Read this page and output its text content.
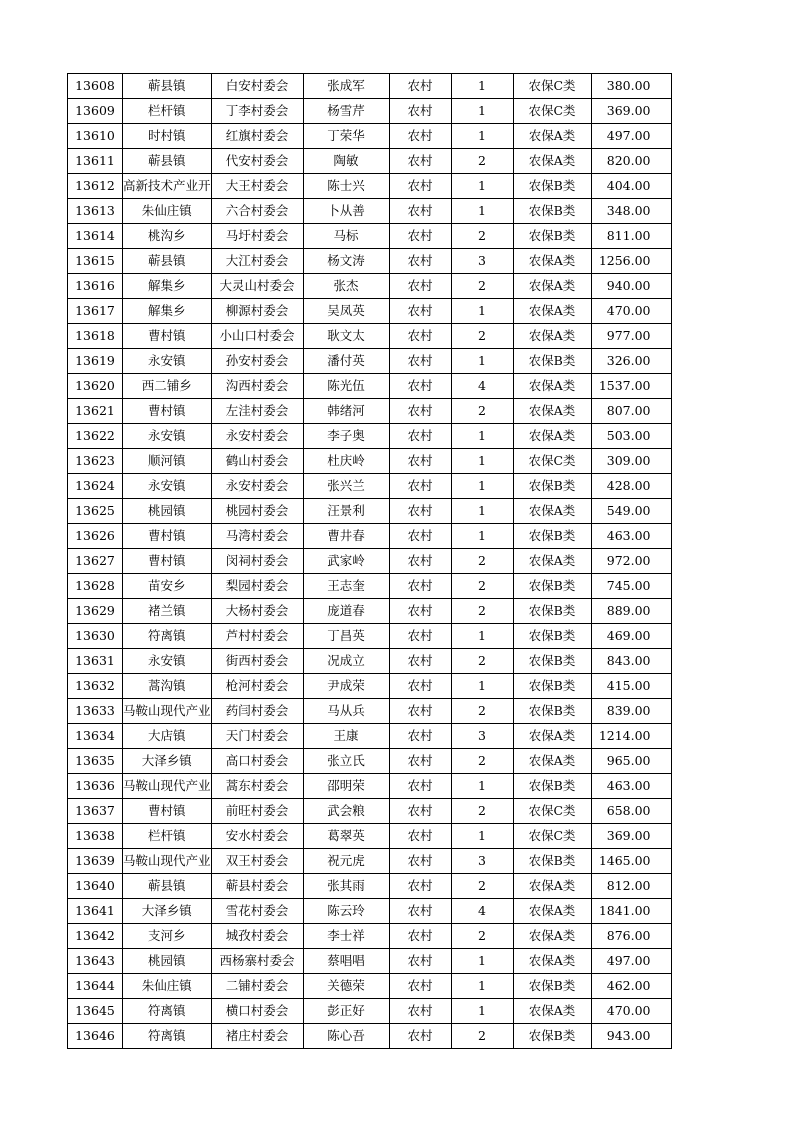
13608	蕲县镇	白安村委会	张成军	农村	1	农保C类	380.00
13609	栏杆镇	丁李村委会	杨雪芹	农村	1	农保C类	369.00
13610	时村镇	红旗村委会	丁荣华	农村	1	农保A类	497.00
13611	蕲县镇	代安村委会	陶敏	农村	2	农保A类	820.00
13612	高新技术产业开	大王村委会	陈士兴	农村	1	农保B类	404.00
13613	朱仙庄镇	六合村委会	卜从善	农村	1	农保B类	348.00
13614	桃沟乡	马圩村委会	马标	农村	2	农保B类	811.00
13615	蕲县镇	大江村委会	杨文涛	农村	3	农保A类	1256.00
13616	解集乡	大灵山村委会	张杰	农村	2	农保A类	940.00
13617	解集乡	柳源村委会	吴凤英	农村	1	农保A类	470.00
13618	曹村镇	小山口村委会	耿文太	农村	2	农保A类	977.00
13619	永安镇	孙安村委会	潘付英	农村	1	农保B类	326.00
13620	西二铺乡	沟西村委会	陈光伍	农村	4	农保A类	1537.00
13621	曹村镇	左洼村委会	韩绪河	农村	2	农保A类	807.00
13622	永安镇	永安村委会	李子奥	农村	1	农保A类	503.00
13623	顺河镇	鹤山村委会	杜庆岭	农村	1	农保C类	309.00
13624	永安镇	永安村委会	张兴兰	农村	1	农保B类	428.00
13625	桃园镇	桃园村委会	汪景利	农村	1	农保A类	549.00
13626	曹村镇	马湾村委会	曹井春	农村	1	农保B类	463.00
13627	曹村镇	闵祠村委会	武家岭	农村	2	农保A类	972.00
13628	苗安乡	梨园村委会	王志奎	农村	2	农保B类	745.00
13629	褚兰镇	大杨村委会	庞道春	农村	2	农保B类	889.00
13630	符离镇	芦村村委会	丁昌英	农村	1	农保B类	469.00
13631	永安镇	街西村委会	况成立	农村	2	农保B类	843.00
13632	蒿沟镇	枪河村委会	尹成荣	农村	1	农保B类	415.00
13633	马鞍山现代产业	药闫村委会	马从兵	农村	2	农保B类	839.00
13634	大店镇	天门村委会	王康	农村	3	农保A类	1214.00
13635	大泽乡镇	高口村委会	张立氏	农村	2	农保A类	965.00
13636	马鞍山现代产业	蒿东村委会	邵明荣	农村	1	农保B类	463.00
13637	曹村镇	前旺村委会	武会粮	农村	2	农保C类	658.00
13638	栏杆镇	安水村委会	葛翠英	农村	1	农保C类	369.00
13639	马鞍山现代产业	双王村委会	祝元虎	农村	3	农保B类	1465.00
13640	蕲县镇	蕲县村委会	张其雨	农村	2	农保A类	812.00
13641	大泽乡镇	雪花村委会	陈云玲	农村	4	农保A类	1841.00
13642	支河乡	城孜村委会	李士祥	农村	2	农保A类	876.00
13643	桃园镇	西杨寨村委会	蔡唱唱	农村	1	农保A类	497.00
13644	朱仙庄镇	二铺村委会	关德荣	农村	1	农保B类	462.00
13645	符离镇	横口村委会	彭正好	农村	1	农保A类	470.00
13646	符离镇	褚庄村委会	陈心吾	农村	2	农保B类	943.00
